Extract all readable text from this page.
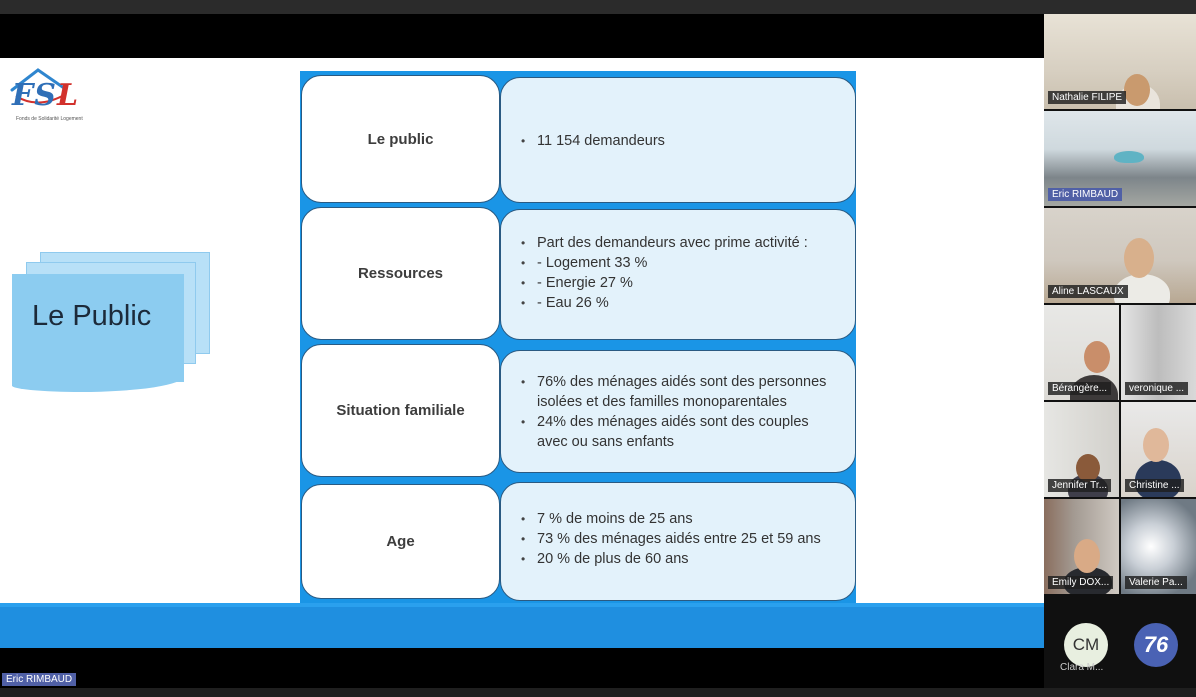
FSL
Fonds de Solidarité Logement
Le Public
Le public
•	11 154 demandeurs
Ressources
• Part des demandeurs avec prime activité :
• - Logement 33 %
• - Energie 27 %
• - Eau 26 %
Situation familiale
• 76% des ménages aidés sont des personnes isolées et des familles monoparentales
• 24% des ménages aidés sont des couples avec ou sans enfants
Age
• 7 % de moins de 25 ans
• 73 % des ménages aidés entre 25 et 59 ans
• 20 % de plus de 60 ans
Nathalie FILIPE
Eric RIMBAUD
Aline LASCAUX
Bérangère...	veronique ...
Jennifer Tr...	Christine ...
Emily DOX...	Valerie Pa...
CM
Clara M...
76
Eric RIMBAUD
